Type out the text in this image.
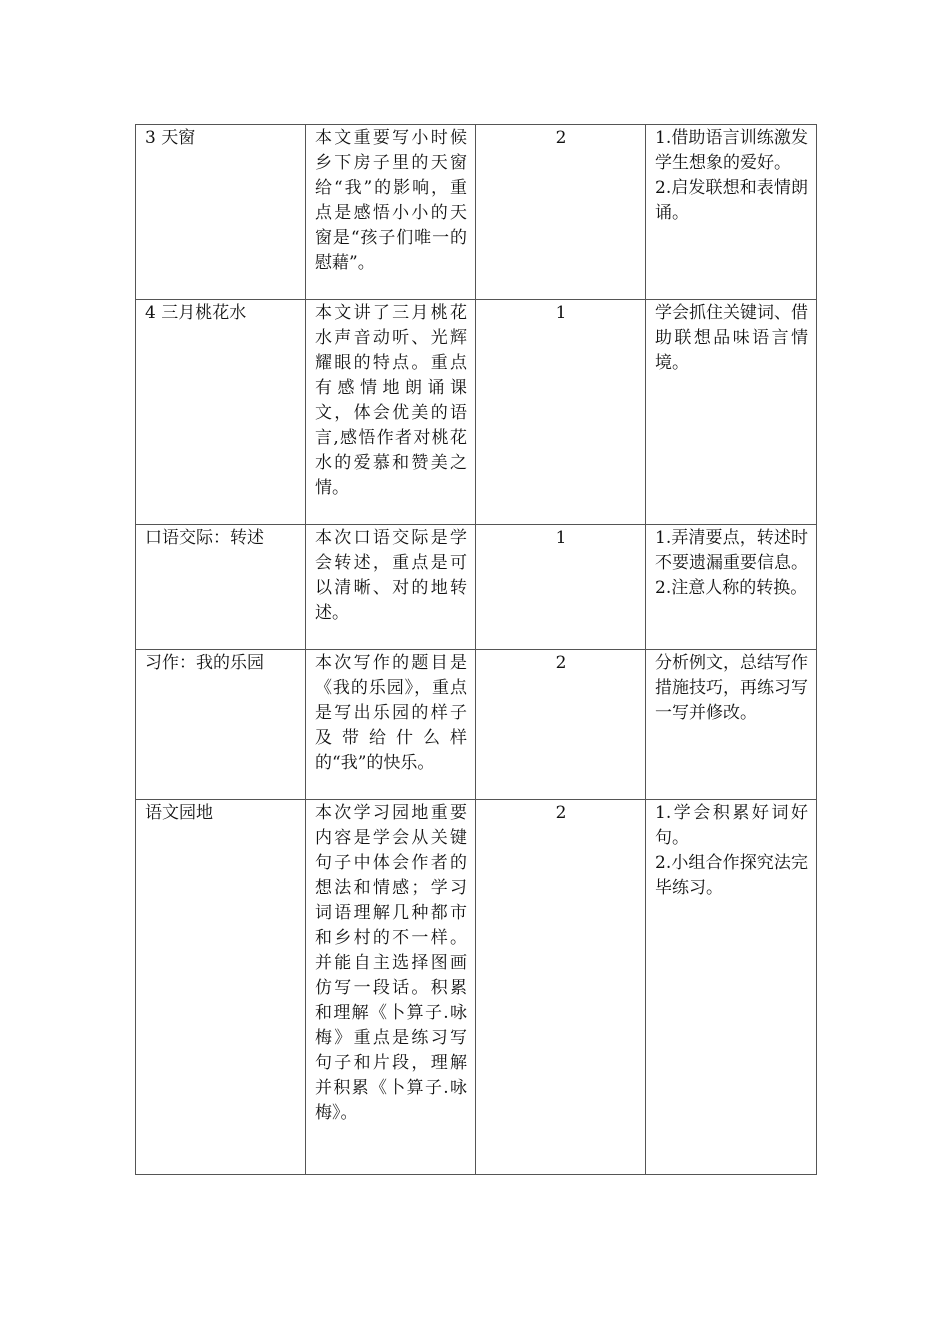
3 天窗	本文重要写小时候乡下房子里的天窗给“我”的影响，重点是感悟小小的天窗是“孩子们唯一的慰藉”。	2	1.借助语言训练激发学生想象的爱好。
2.启发联想和表情朗诵。

4 三月桃花水	本文讲了三月桃花水声音动听、光辉耀眼的特点。重点有感情地朗诵课文，体会优美的语言,感悟作者对桃花水的爱慕和赞美之情。	1	学会抓住关键词、借助联想品味语言情境。

口语交际：转述	本次口语交际是学会转述，重点是可以清晰、对的地转述。	1	1.弄清要点，转述时不要遗漏重要信息。
2.注意人称的转换。

习作：我的乐园	本次写作的题目是《我的乐园》，重点是写出乐园的样子及带给什么样的“我”的快乐。	2	分析例文，总结写作措施技巧，再练习写一写并修改。

语文园地	本次学习园地重要内容是学会从关键句子中体会作者的想法和情感；学习词语理解几种都市和乡村的不一样。并能自主选择图画仿写一段话。积累和理解《卜算子.咏梅》重点是练习写句子和片段，理解并积累《卜算子.咏梅》。	2	1.学会积累好词好句。
2.小组合作探究法完毕练习。
